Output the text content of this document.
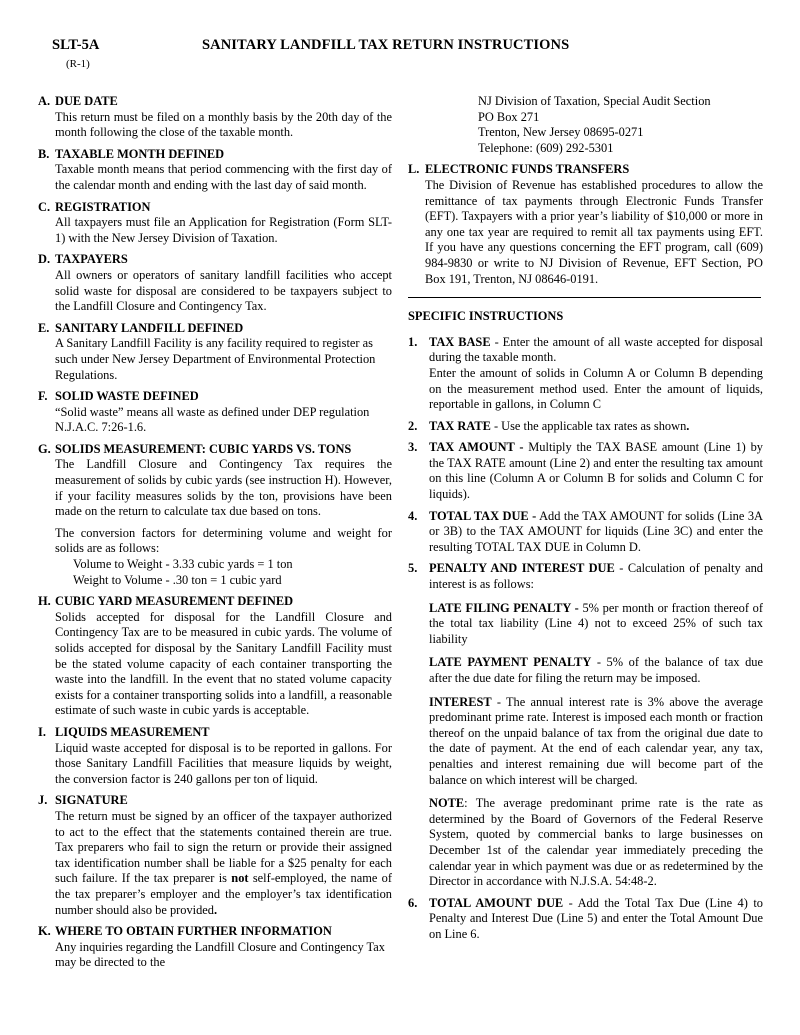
SLT-5A
(R-1)
SANITARY LANDFILL TAX RETURN INSTRUCTIONS
A. DUE DATE
This return must be filed on a monthly basis by the 20th day of the month following the close of the taxable month.
B. TAXABLE MONTH DEFINED
Taxable month means that period commencing with the first day of the calendar month and ending with the last day of said month.
C. REGISTRATION
All taxpayers must file an Application for Registration (Form SLT-1) with the New Jersey Division of Taxation.
D. TAXPAYERS
All owners or operators of sanitary landfill facilities who accept solid waste for disposal are considered to be taxpayers subject to the Landfill Closure and Contingency Tax.
E. SANITARY LANDFILL DEFINED
A Sanitary Landfill Facility is any facility required to register as such under New Jersey Department of Environmental Protection Regulations.
F. SOLID WASTE DEFINED
“Solid waste” means all waste as defined under DEP regulation N.J.A.C. 7:26-1.6.
G. SOLIDS MEASUREMENT: CUBIC YARDS VS. TONS

The Landfill Closure and Contingency Tax requires the measurement of solids by cubic yards (see instruction H). However, if your facility measures solids by the ton, provisions have been made on the return to calculate tax due based on tons.

The conversion factors for determining volume and weight for solids are as follows:

Volume to Weight - 3.33 cubic yards = 1 ton
Weight to Volume - .30 ton = 1 cubic yard
H. CUBIC YARD MEASUREMENT DEFINED
Solids accepted for disposal for the Landfill Closure and Contingency Tax are to be measured in cubic yards. The volume of solids accepted for disposal by the Sanitary Landfill Facility must be the stated volume capacity of each container transporting the waste into the landfill. In the event that no stated volume capacity exists for a container transporting solids into a landfill, a reasonable estimate of such waste in cubic yards is acceptable.
I. LIQUIDS MEASUREMENT
Liquid waste accepted for disposal is to be reported in gallons. For those Sanitary Landfill Facilities that measure liquids by weight, the conversion factor is 240 gallons per ton of liquid.
J. SIGNATURE
The return must be signed by an officer of the taxpayer authorized to act to the effect that the statements contained therein are true. Tax preparers who fail to sign the return or provide their assigned tax identification number shall be liable for a $25 penalty for each such failure. If the tax preparer is not self-employed, the name of the tax preparer’s employer and the employer’s tax identification number should also be provided.
K. WHERE TO OBTAIN FURTHER INFORMATION
Any inquiries regarding the Landfill Closure and Contingency Tax may be directed to the
NJ Division of Taxation, Special Audit Section
PO Box 271
Trenton, New Jersey 08695-0271
Telephone: (609) 292-5301
L. ELECTRONIC FUNDS TRANSFERS
The Division of Revenue has established procedures to allow the remittance of tax payments through Electronic Funds Transfer (EFT). Taxpayers with a prior year’s liability of $10,000 or more in any one tax year are required to remit all tax payments using EFT. If you have any questions concerning the EFT program, call (609) 984-9830 or write to NJ Division of Revenue, EFT Section, PO Box 191, Trenton, NJ 08646-0191.
SPECIFIC INSTRUCTIONS
1. TAX BASE - Enter the amount of all waste accepted for disposal during the taxable month.
Enter the amount of solids in Column A or Column B depending on the measurement method used. Enter the amount of liquids, reportable in gallons, in Column C
2. TAX RATE - Use the applicable tax rates as shown.
3. TAX AMOUNT - Multiply the TAX BASE amount (Line 1) by the TAX RATE amount (Line 2) and enter the resulting tax amount on this line (Column A or Column B for solids and Column C for liquids).
4. TOTAL TAX DUE - Add the TAX AMOUNT for solids (Line 3A or 3B) to the TAX AMOUNT for liquids (Line 3C) and enter the resulting TOTAL TAX DUE in Column D.
5. PENALTY AND INTEREST DUE - Calculation of penalty and interest is as follows:

LATE FILING PENALTY - 5% per month or fraction thereof of the total tax liability (Line 4) not to exceed 25% of such tax liability

LATE PAYMENT PENALTY - 5% of the balance of tax due after the due date for filing the return may be imposed.

INTEREST - The annual interest rate is 3% above the average predominant prime rate. Interest is imposed each month or fraction thereof on the unpaid balance of tax from the original due date to the date of payment. At the end of each calendar year, any tax, penalties and interest remaining due will become part of the balance on which interest will be charged.

NOTE: The average predominant prime rate is the rate as determined by the Board of Governors of the Federal Reserve System, quoted by commercial banks to large businesses on December 1st of the calendar year immediately preceding the calendar year in which payment was due or as redetermined by the Director in accordance with N.J.S.A. 54:48-2.

6. TOTAL AMOUNT DUE - Add the Total Tax Due (Line 4) to Penalty and Interest Due (Line 5) and enter the Total Amount Due on Line 6.
